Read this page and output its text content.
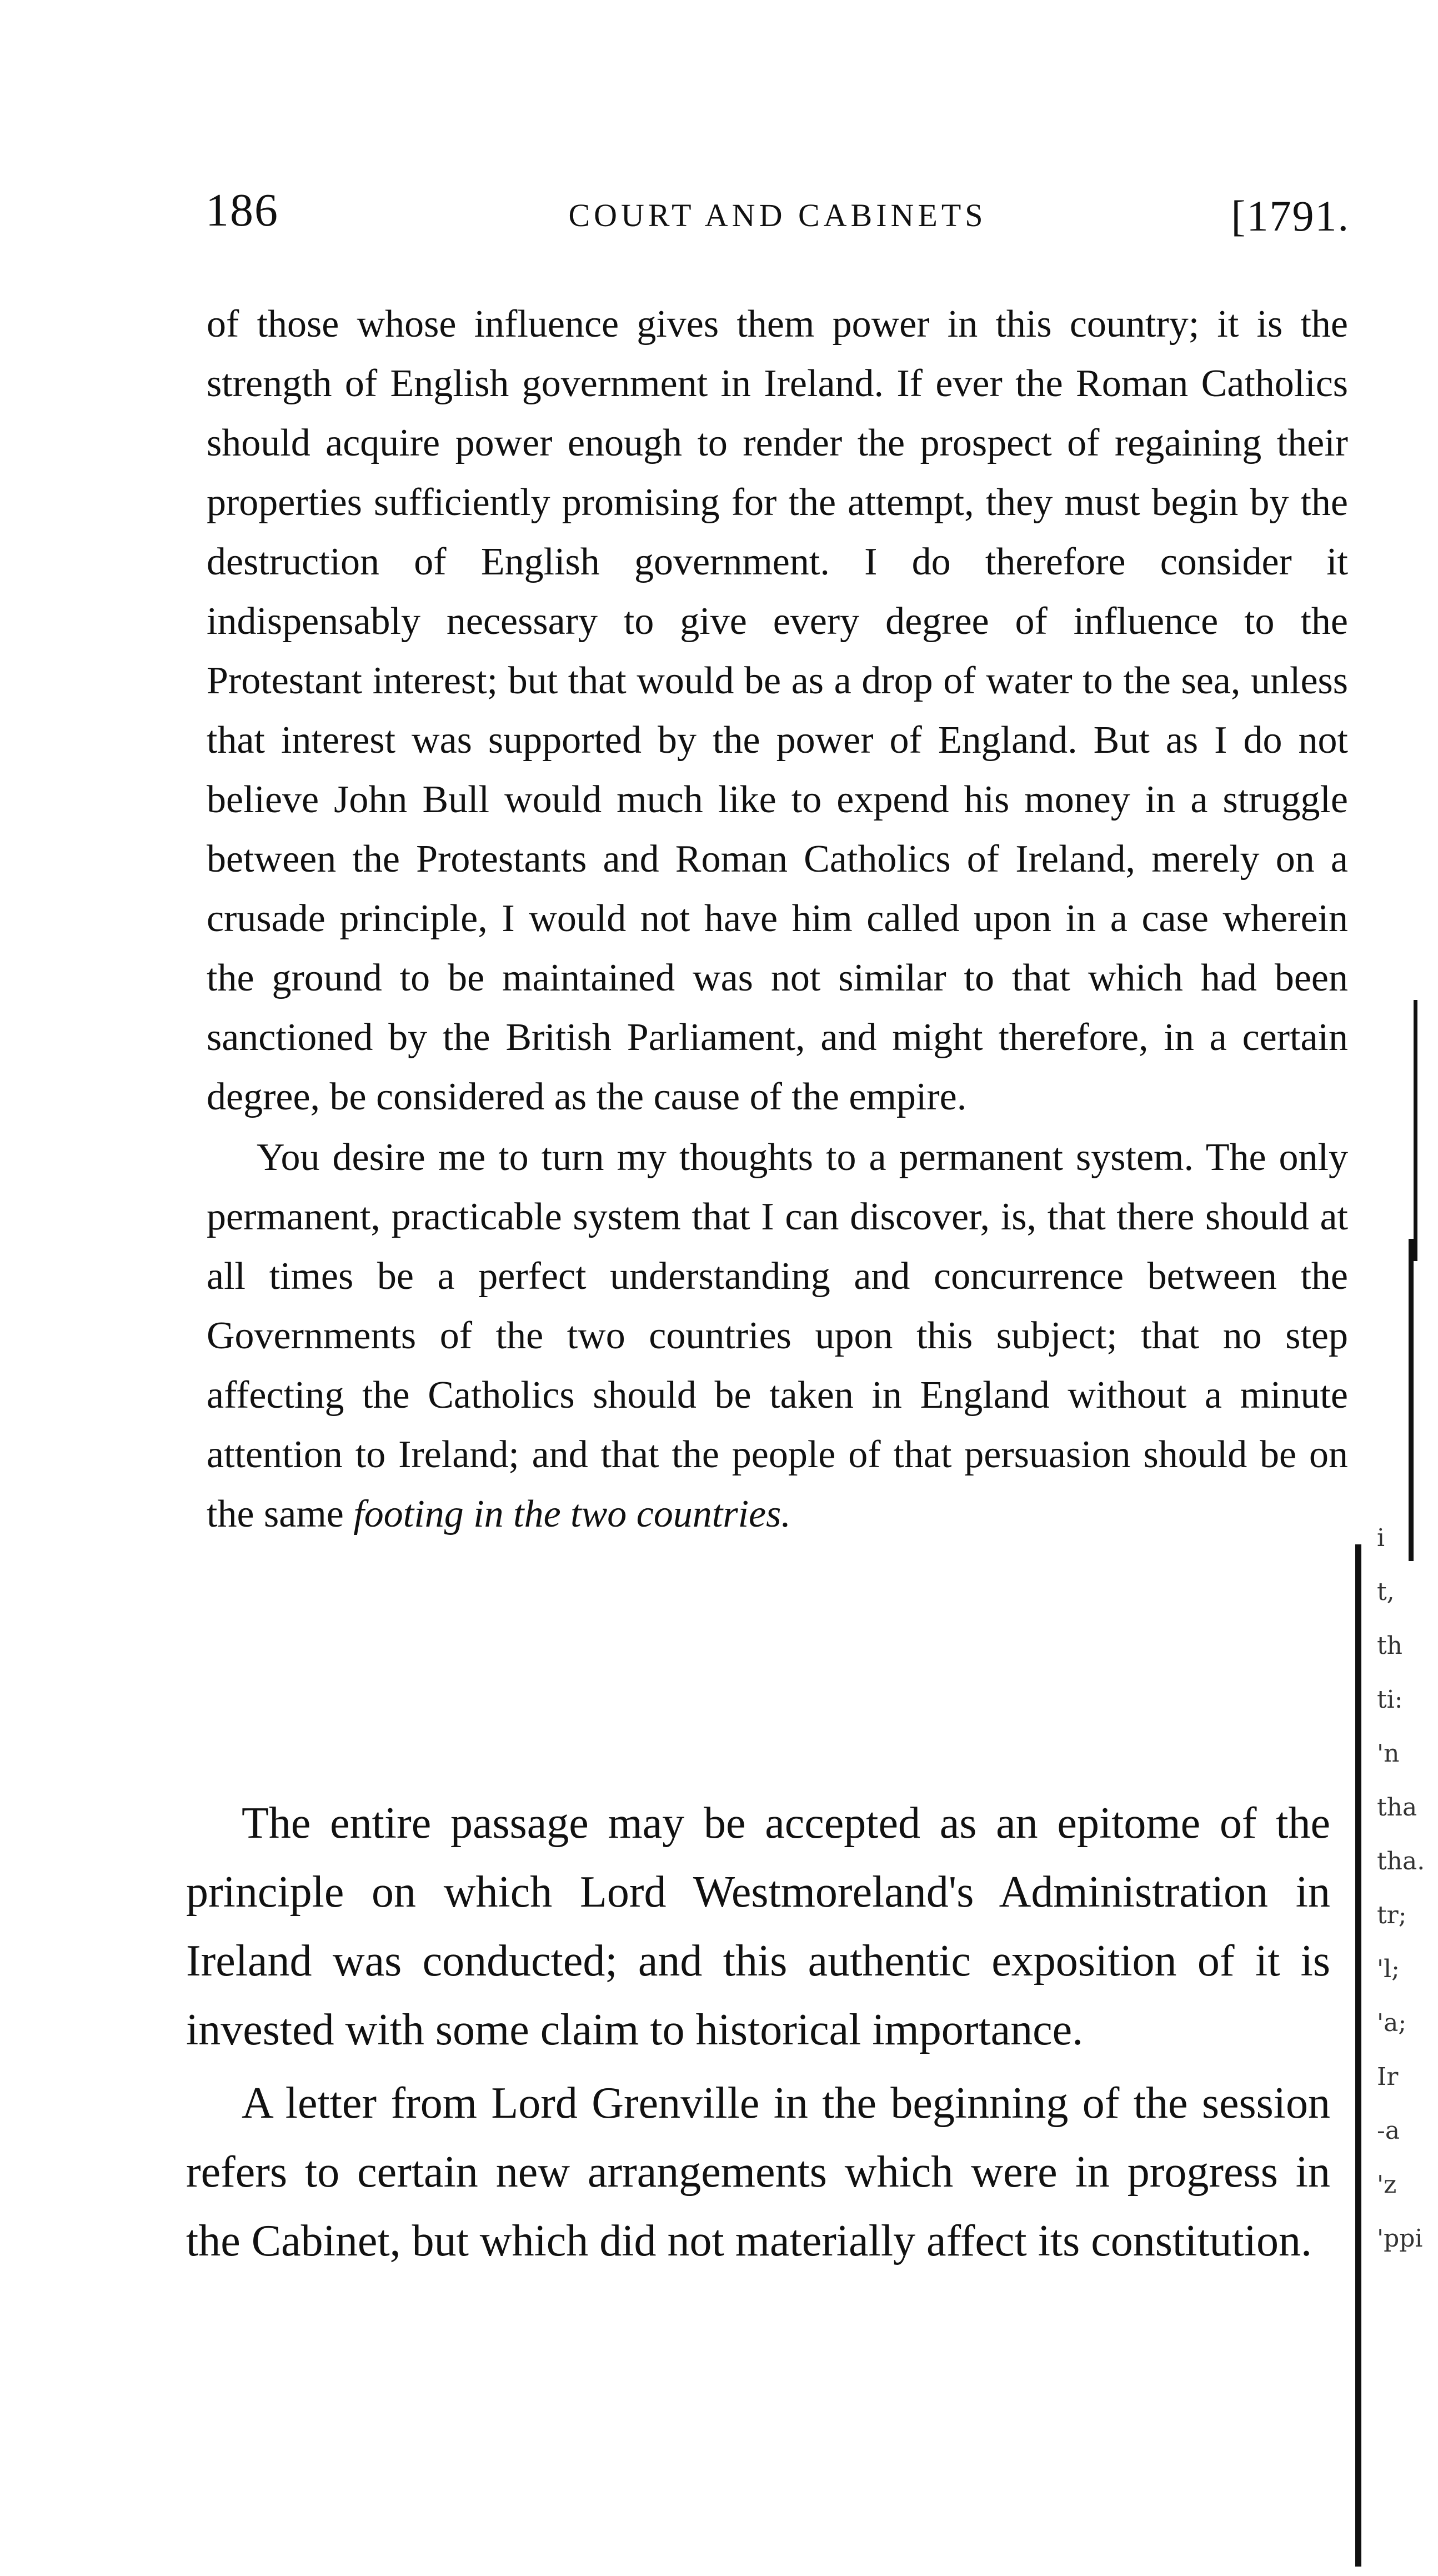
186	COURT AND CABINETS	[1791.

of those whose influence gives them power in this country; it is the strength of English government in Ireland. If ever the Roman Catholics should acquire power enough to render the prospect of regaining their properties sufficiently promising for the attempt, they must begin by the destruction of English government. I do therefore consider it indispensably necessary to give every degree of influence to the Protestant interest; but that would be as a drop of water to the sea, unless that interest was supported by the power of England. But as I do not believe John Bull would much like to expend his money in a struggle between the Protestants and Roman Catholics of Ireland, merely on a crusade principle, I would not have him called upon in a case wherein the ground to be maintained was not similar to that which had been sanctioned by the British Parliament, and might therefore, in a certain degree, be considered as the cause of the empire.

You desire me to turn my thoughts to a permanent system. The only permanent, practicable system that I can discover, is, that there should at all times be a perfect understanding and concurrence between the Governments of the two countries upon this subject; that no step affecting the Catholics should be taken in England without a minute attention to Ireland; and that the people of that persuasion should be on the same footing in the two countries.

The entire passage may be accepted as an epitome of the principle on which Lord Westmoreland's Administration in Ireland was conducted; and this authentic exposition of it is invested with some claim to historical importance.

A letter from Lord Grenville in the beginning of the session refers to certain new arrangements which were in progress in the Cabinet, but which did not materially affect its constitution.

i
t,
th
ti:
'n
tha
tha.
tr;
'l;
'a;
Ir
-a
'z
'ppi
